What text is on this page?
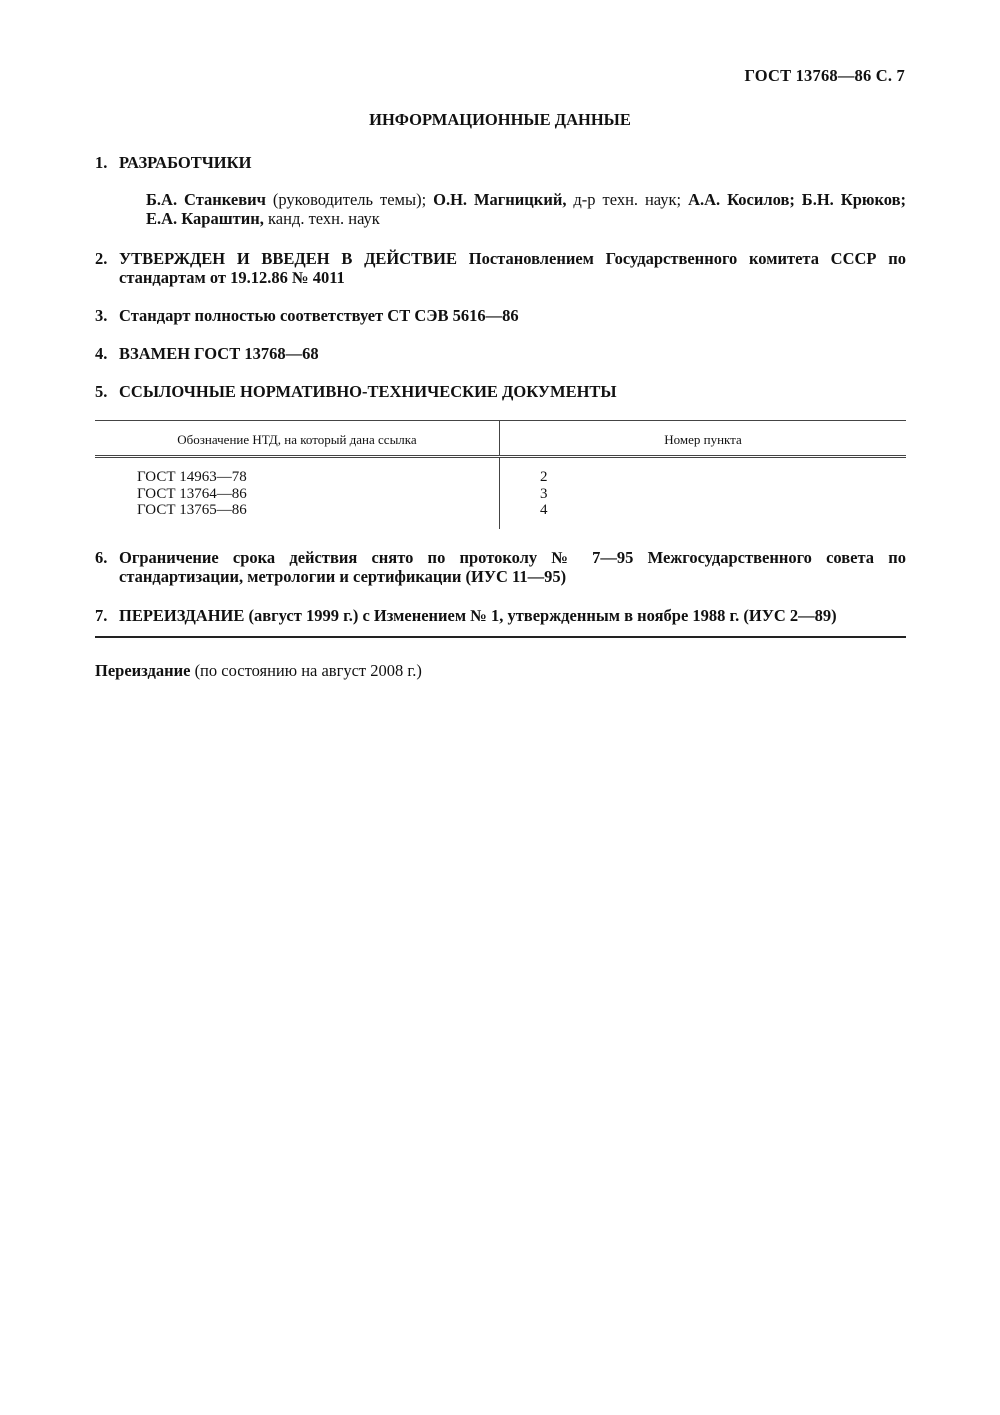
ГОСТ 13768—86 С. 7
ИНФОРМАЦИОННЫЕ ДАННЫЕ
1. РАЗРАБОТЧИКИ
Б.А. Станкевич (руководитель темы); О.Н. Магницкий, д-р техн. наук; А.А. Косилов; Б.Н. Крюков; Е.А. Караштин, канд. техн. наук
2. УТВЕРЖДЕН И ВВЕДЕН В ДЕЙСТВИЕ Постановлением Государственного комитета СССР по стандартам от 19.12.86 № 4011
3. Стандарт полностью соответствует СТ СЭВ 5616—86
4. ВЗАМЕН ГОСТ 13768—68
5. ССЫЛОЧНЫЕ НОРМАТИВНО-ТЕХНИЧЕСКИЕ ДОКУМЕНТЫ
Обозначение НТД, на который дана ссылка	Номер пункта
ГОСТ 14963—78
ГОСТ 13764—86
ГОСТ 13765—86
2
3
4
6. Ограничение срока действия снято по протоколу № 7—95 Межгосударственного совета по стандартизации, метрологии и сертификации (ИУС 11—95)
7. ПЕРЕИЗДАНИЕ (август 1999 г.) с Изменением № 1, утвержденным в ноябре 1988 г. (ИУС 2—89)
Переиздание (по состоянию на август 2008 г.)
